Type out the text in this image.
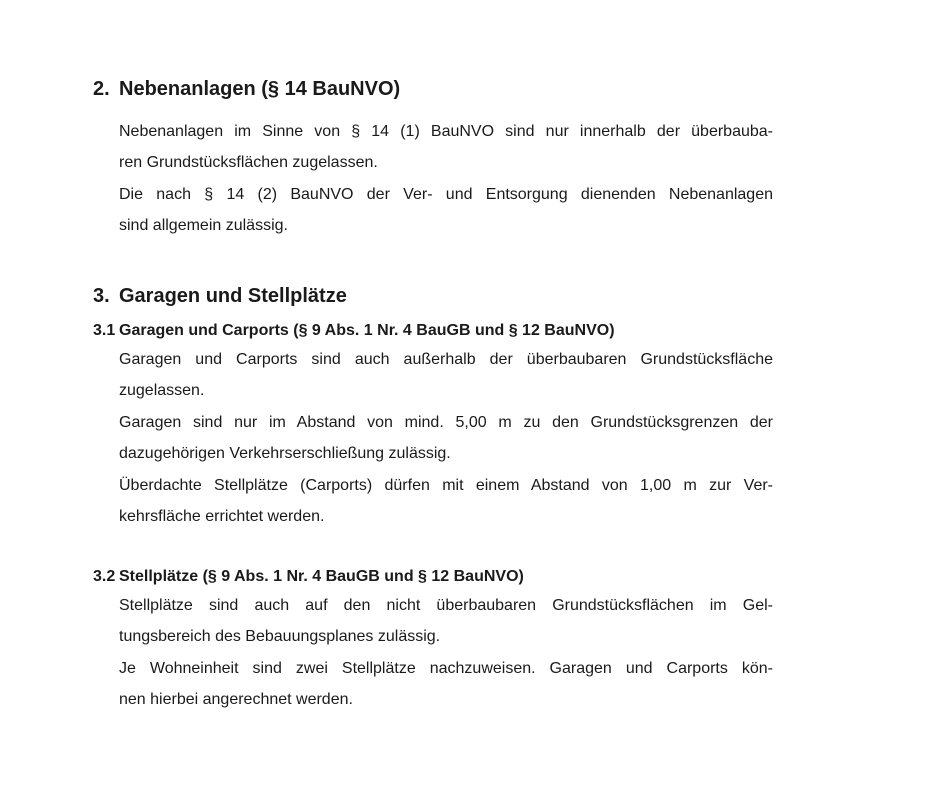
2. Nebenanlagen (§ 14 BauNVO)
Nebenanlagen im Sinne von § 14 (1) BauNVO sind nur innerhalb der überbauba-
ren Grundstücksflächen zugelassen.
Die nach § 14 (2) BauNVO der Ver- und Entsorgung dienenden Nebenanlagen
sind allgemein zulässig.
3. Garagen und Stellplätze
3.1 Garagen und Carports (§ 9 Abs. 1 Nr. 4 BauGB und § 12 BauNVO)
Garagen und Carports sind auch außerhalb der überbaubaren Grundstücksfläche
zugelassen.
Garagen sind nur im Abstand von mind. 5,00 m zu den Grundstücksgrenzen der
dazugehörigen Verkehrserschließung zulässig.
Überdachte Stellplätze (Carports) dürfen mit einem Abstand von 1,00 m zur Ver-
kehrsfläche errichtet werden.
3.2 Stellplätze (§ 9 Abs. 1 Nr. 4 BauGB und § 12 BauNVO)
Stellplätze sind auch auf den nicht überbaubaren Grundstücksflächen im Gel-
tungsbereich des Bebauungsplanes zulässig.
Je Wohneinheit sind zwei Stellplätze nachzuweisen. Garagen und Carports kön-
nen hierbei angerechnet werden.
